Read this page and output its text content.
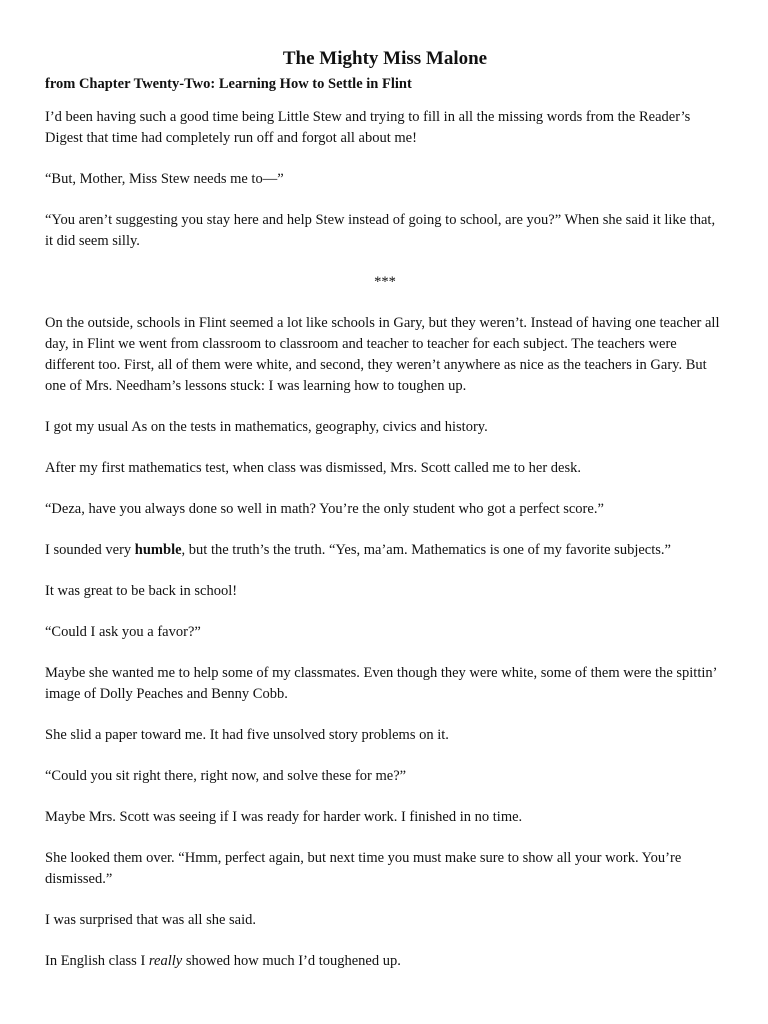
The Mighty Miss Malone
from Chapter Twenty-Two: Learning How to Settle in Flint

I’d been having such a good time being Little Stew and trying to fill in all the missing words from the Reader’s Digest that time had completely run off and forgot all about me!

“But, Mother, Miss Stew needs me to—”

“You aren’t suggesting you stay here and help Stew instead of going to school, are you?” When she said it like that, it did seem silly.

***

On the outside, schools in Flint seemed a lot like schools in Gary, but they weren’t. Instead of having one teacher all day, in Flint we went from classroom to classroom and teacher to teacher for each subject. The teachers were different too. First, all of them were white, and second, they weren’t anywhere as nice as the teachers in Gary. But one of Mrs. Needham’s lessons stuck: I was learning how to toughen up.

I got my usual As on the tests in mathematics, geography, civics and history.

After my first mathematics test, when class was dismissed, Mrs. Scott called me to her desk.

“Deza, have you always done so well in math? You’re the only student who got a perfect score.”

I sounded very humble, but the truth’s the truth. “Yes, ma’am. Mathematics is one of my favorite subjects.”

It was great to be back in school!

“Could I ask you a favor?”

Maybe she wanted me to help some of my classmates. Even though they were white, some of them were the spittin’ image of Dolly Peaches and Benny Cobb.

She slid a paper toward me. It had five unsolved story problems on it.

“Could you sit right there, right now, and solve these for me?”

Maybe Mrs. Scott was seeing if I was ready for harder work. I finished in no time.

She looked them over. “Hmm, perfect again, but next time you must make sure to show all your work. You’re dismissed.”

I was surprised that was all she said.

In English class I really showed how much I’d toughened up.
